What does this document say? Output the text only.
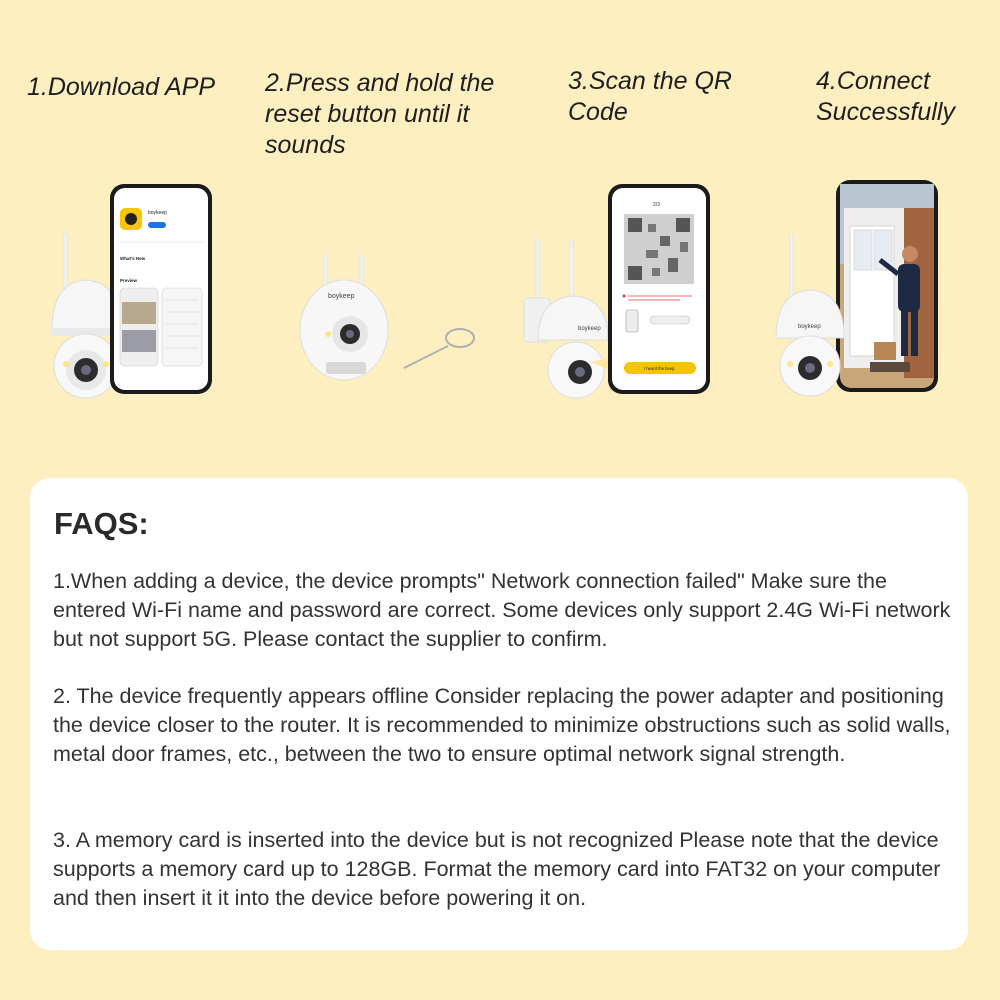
1.Download APP	2.Press and hold the
reset button until it
sounds
3.Scan the QR
Code
4.Connect
Successfully
boykeep
What's New
Preview
boykeep
boykeep
2/3
I heard the beep
boykeep
FAQS:

1.When adding a device, the device prompts" Network connection failed" Make sure the entered Wi-Fi name and password are correct. Some devices only support 2.4G Wi-Fi network but not support 5G. Please contact the supplier to confirm.

2. The device frequently appears offline Consider replacing the power adapter and positioning the device closer to the router. It is recommended to minimize obstructions such as solid walls, metal door frames, etc., between the two to ensure optimal network signal strength.

3. A memory card is inserted into the device but is not recognized Please note that the device supports a memory card up to 128GB. Format the memory card into FAT32 on your computer and then insert it it into the device before powering it on.
